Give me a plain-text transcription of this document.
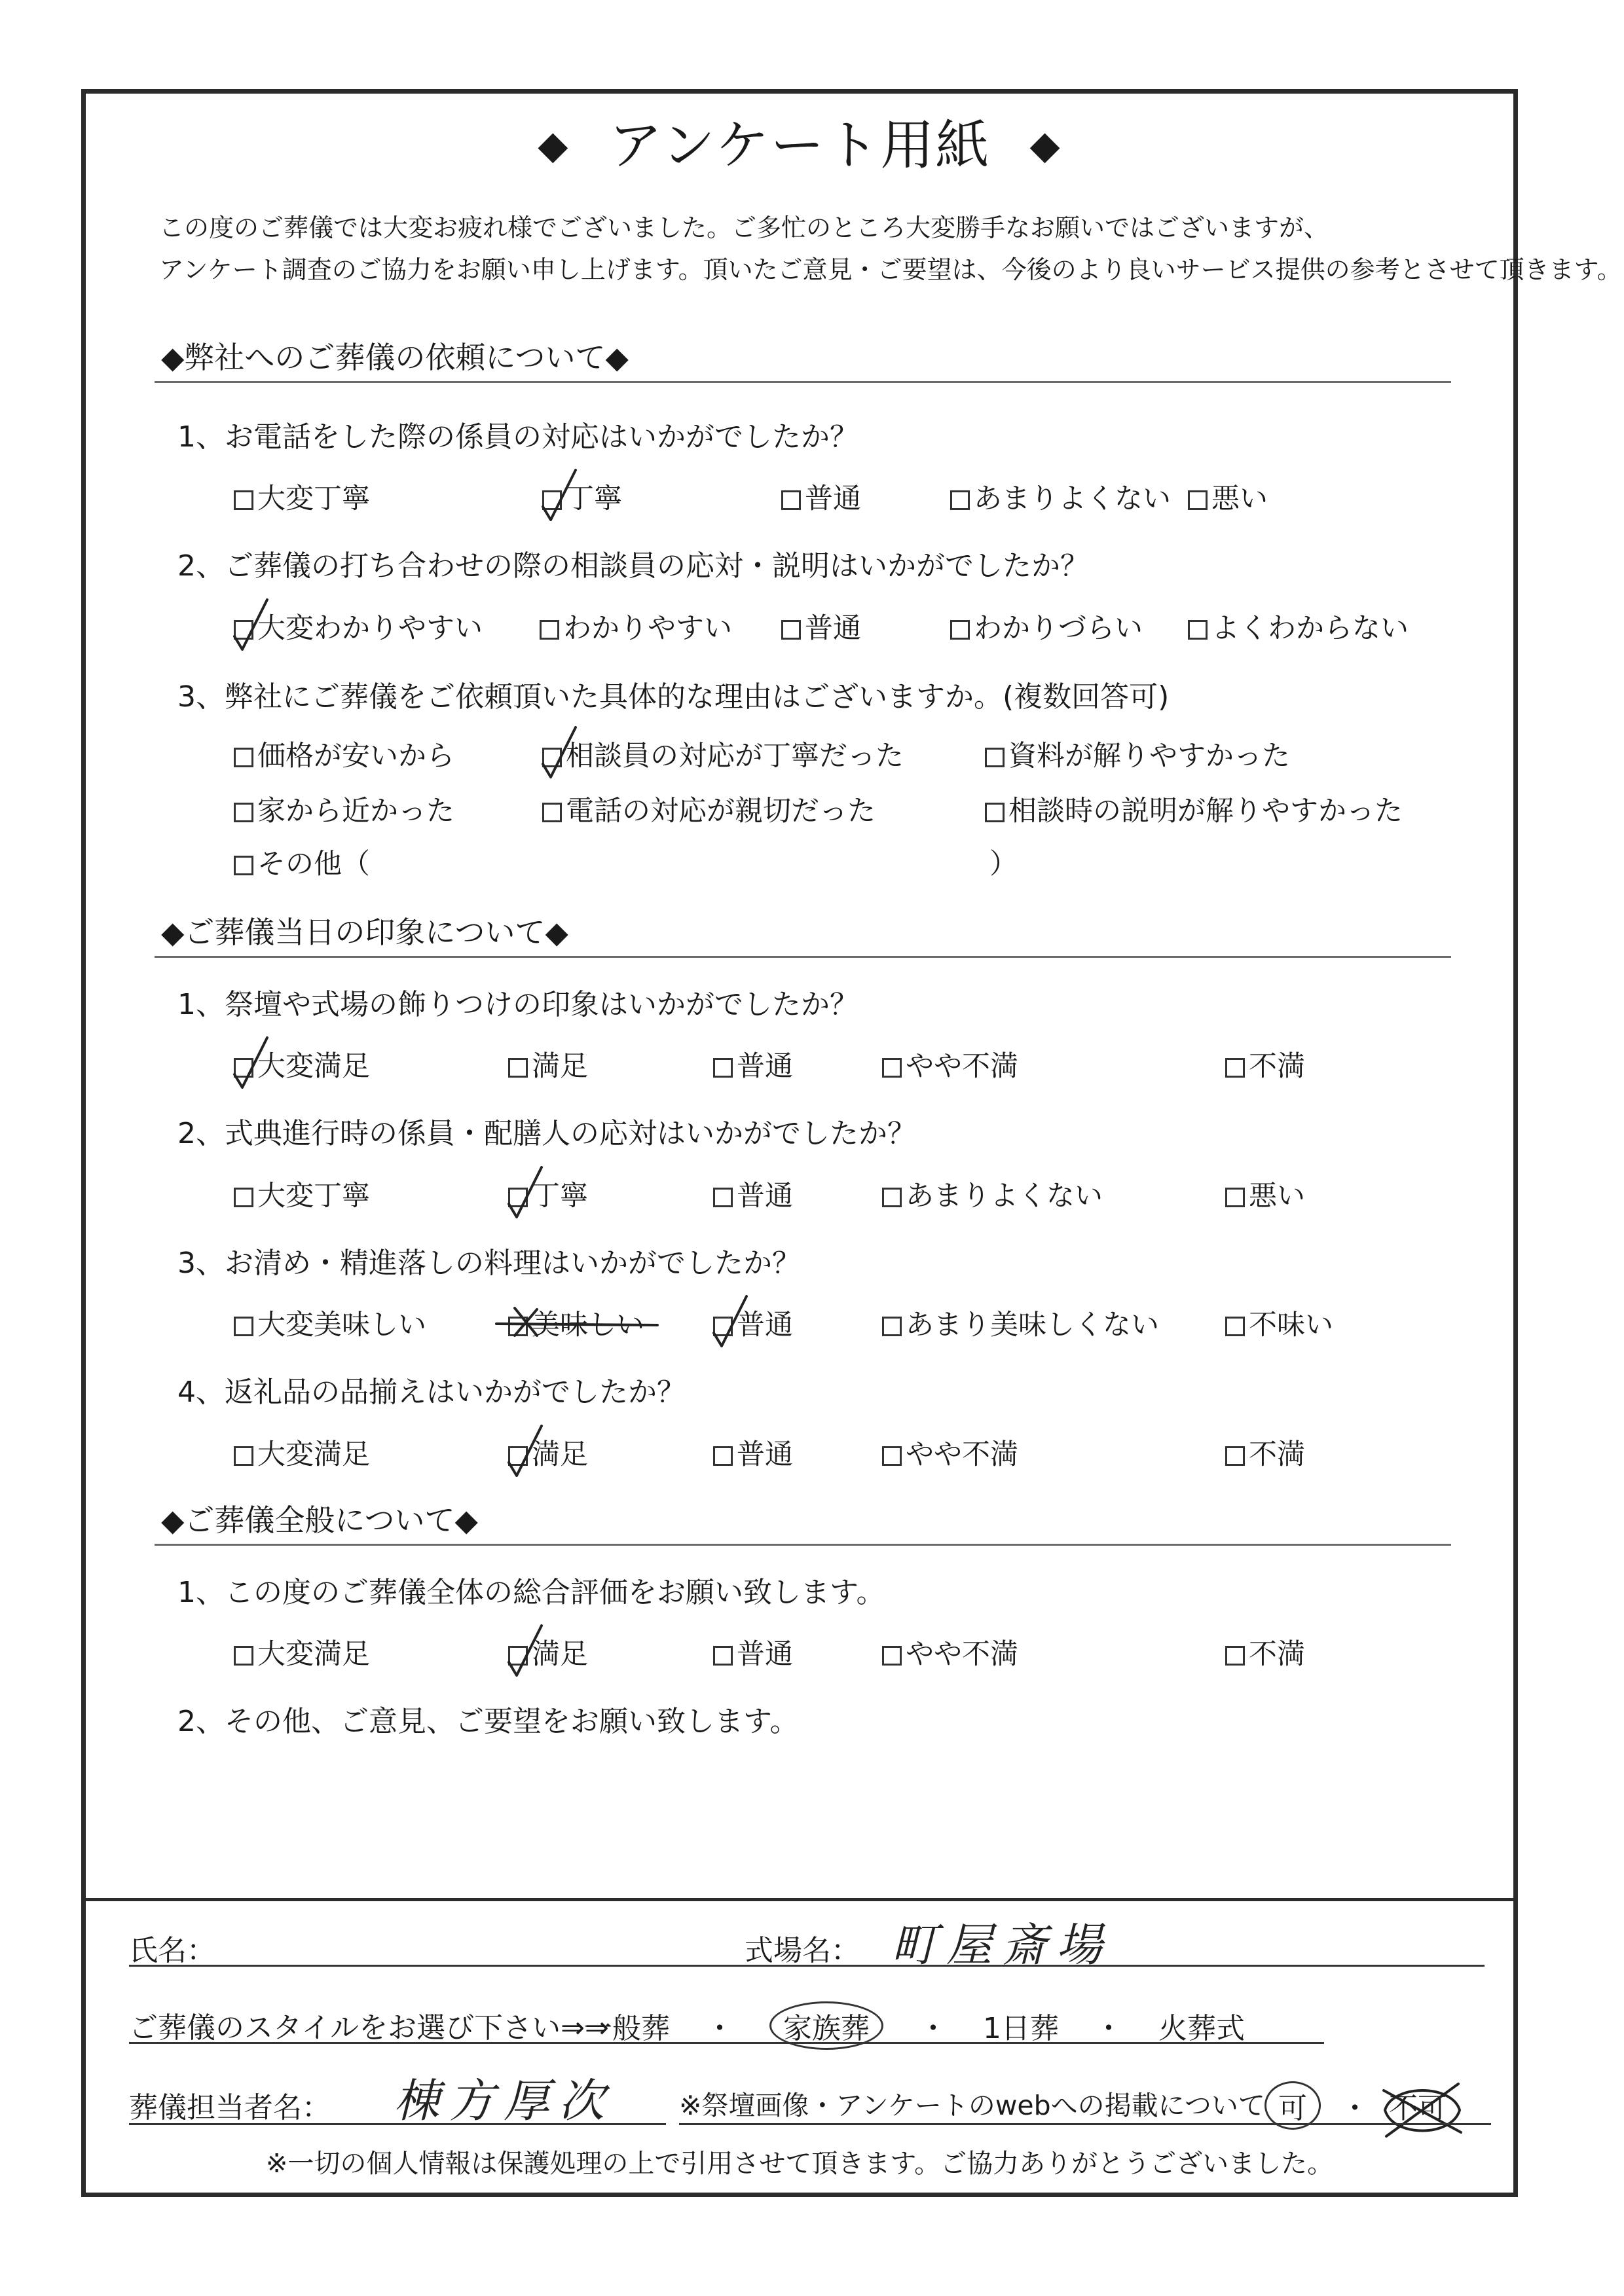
◆ アンケート用紙 ◆
この度のご葬儀では大変お疲れ様でございました。ご多忙のところ大変勝手なお願いではございますが、
アンケート調査のご協力をお願い申し上げます。頂いたご意見・ご要望は、今後のより良いサービス提供の参考とさせて頂きます。
◆弊社へのご葬儀の依頼について◆
1、お電話をした際の係員の対応はいかがでしたか？
大変丁寧	丁寧	普通	あまりよくない	悪い
2、ご葬儀の打ち合わせの際の相談員の応対・説明はいかがでしたか？
大変わかりやすい	わかりやすい	普通	わかりづらい	よくわからない
3、弊社にご葬儀をご依頼頂いた具体的な理由はございますか。(複数回答可)
価格が安いから	相談員の対応が丁寧だった	資料が解りやすかった
家から近かった	電話の対応が親切だった	相談時の説明が解りやすかった
その他（	）
◆ご葬儀当日の印象について◆
1、祭壇や式場の飾りつけの印象はいかがでしたか？
大変満足	満足	普通	やや不満	不満
2、式典進行時の係員・配膳人の応対はいかがでしたか？
大変丁寧	丁寧	普通	あまりよくない	悪い
3、お清め・精進落しの料理はいかがでしたか？
大変美味しい	美味しい	普通	あまり美味しくない	不味い
4、返礼品の品揃えはいかがでしたか？
大変満足	満足	普通	やや不満	不満
◆ご葬儀全般について◆
1、この度のご葬儀全体の総合評価をお願い致します。
大変満足	満足	普通	やや不満	不満
2、その他、ご意見、ご要望をお願い致します。
氏名：	式場名： 町屋斎場
ご葬儀のスタイルをお選び下さい⇒⇒
一般葬 ・ 家族葬 ・ 1日葬 ・ 火葬式
葬儀担当者名： 棟方厚次 ※祭壇画像・アンケートのwebへの掲載について 可 ・ 不可
※一切の個人情報は保護処理の上で引用させて頂きます。ご協力ありがとうございました。
